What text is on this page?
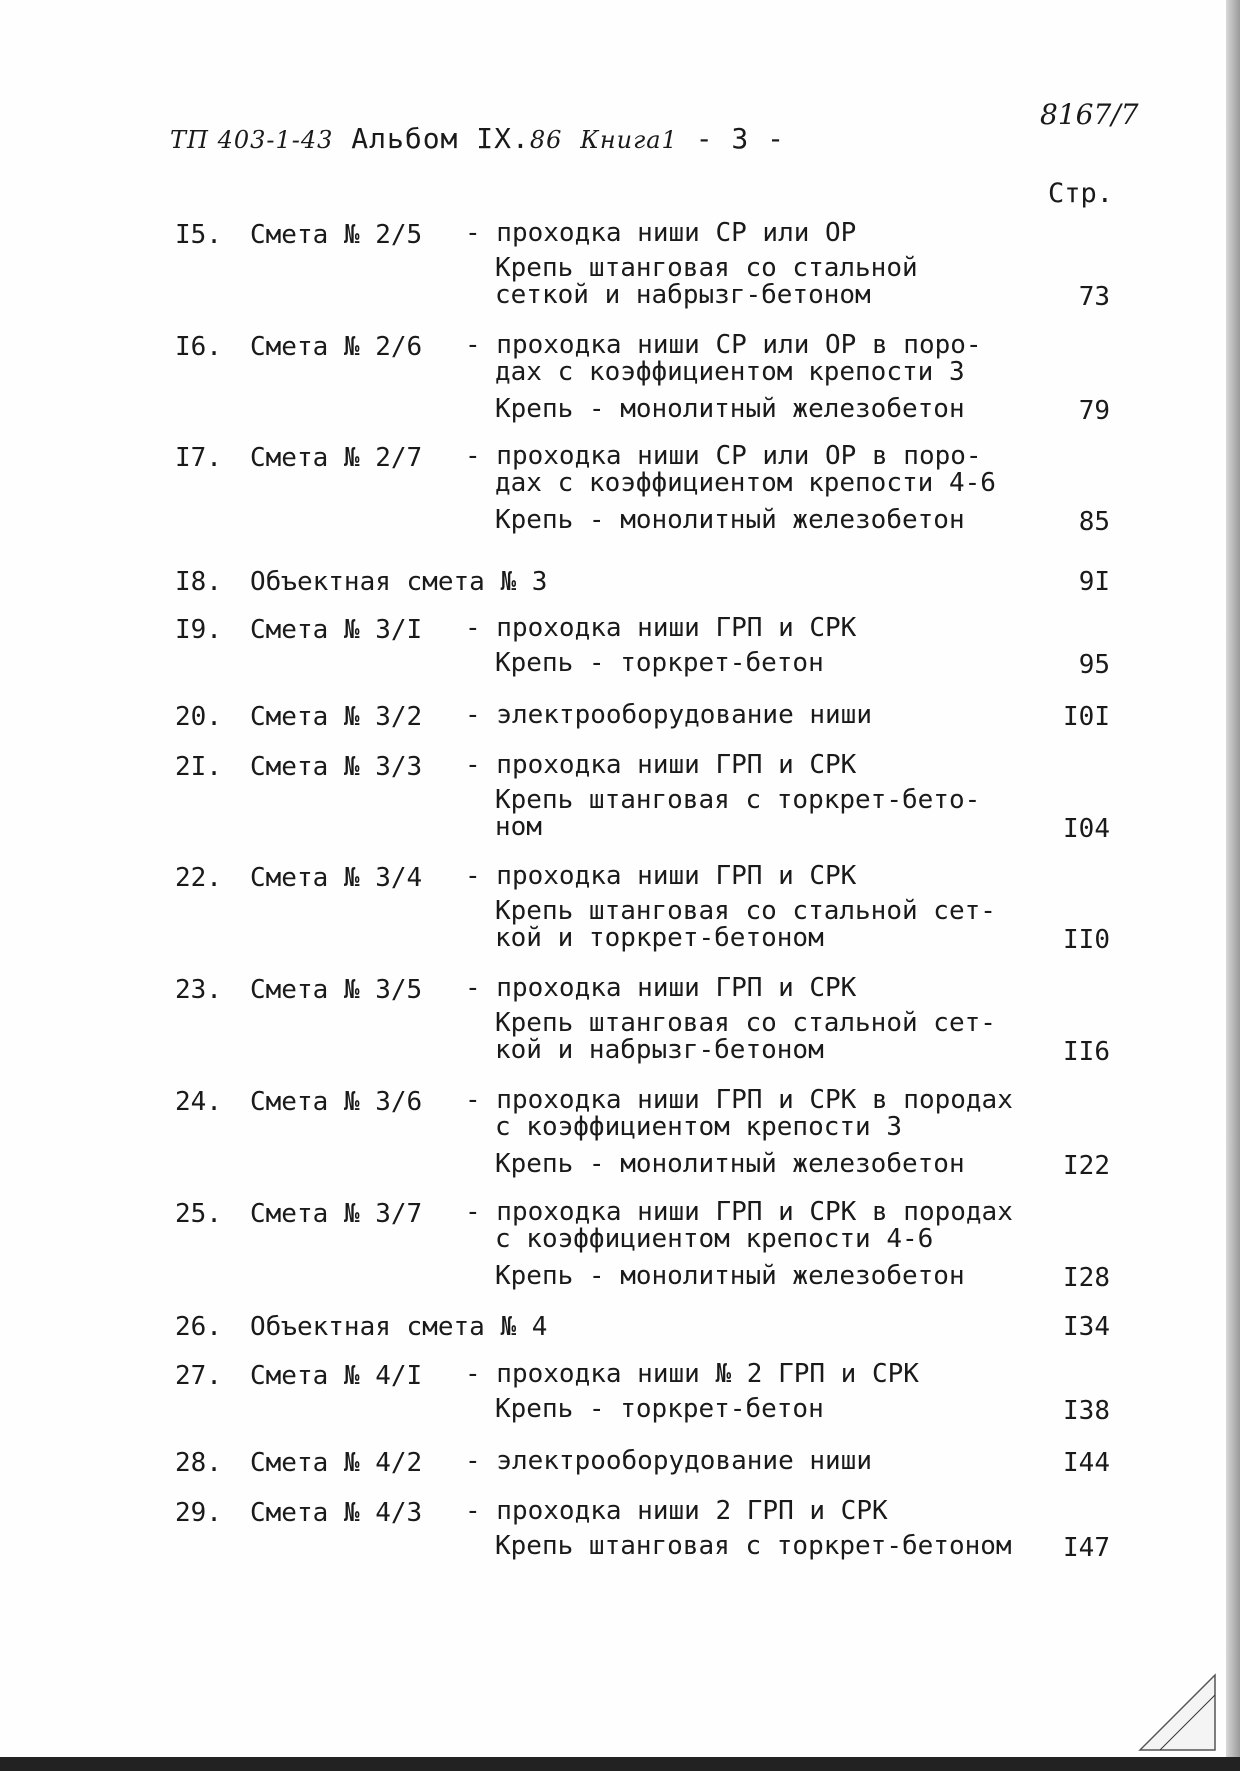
ТП 403-1-43 Альбом IX.86 Книга1 - 3 -
8167/7
Стр.
I5. Смета № 2/5 - проходка ниши СР или ОР
Крепь штанговая со стальной
сеткой и набрызг-бетоном	73
I6. Смета № 2/6 - проходка ниши СР или ОР в поро-
дах с коэффициентом крепости 3
Крепь - монолитный железобетон	79
I7. Смета № 2/7 - проходка ниши СР или ОР в поро-
дах с коэффициентом крепости 4-6
Крепь - монолитный железобетон	85
I8. Объектная смета № 3	9I
I9. Смета № 3/I - проходка ниши ГРП и СРК
Крепь - торкрет-бетон	95
20. Смета № 3/2 - электрооборудование ниши	I0I
2I. Смета № 3/3 - проходка ниши ГРП и СРК
Крепь штанговая с торкрет-бето-
ном	I04
22. Смета № 3/4 - проходка ниши ГРП и СРК
Крепь штанговая со стальной сет-
кой и торкрет-бетоном	II0
23. Смета № 3/5 - проходка ниши ГРП и СРК
Крепь штанговая со стальной сет-
кой и набрызг-бетоном	II6
24. Смета № 3/6 - проходка ниши ГРП и СРК в породах
с коэффициентом крепости 3
Крепь - монолитный железобетон	I22
25. Смета № 3/7 - проходка ниши ГРП и СРК в породах
с коэффициентом крепости 4-6
Крепь - монолитный железобетон	I28
26. Объектная смета № 4	I34
27. Смета № 4/I - проходка ниши № 2 ГРП и СРК
Крепь - торкрет-бетон	I38
28. Смета № 4/2 - электрооборудование ниши	I44
29. Смета № 4/3 - проходка ниши 2 ГРП и СРК
Крепь штанговая с торкрет-бетоном I47
